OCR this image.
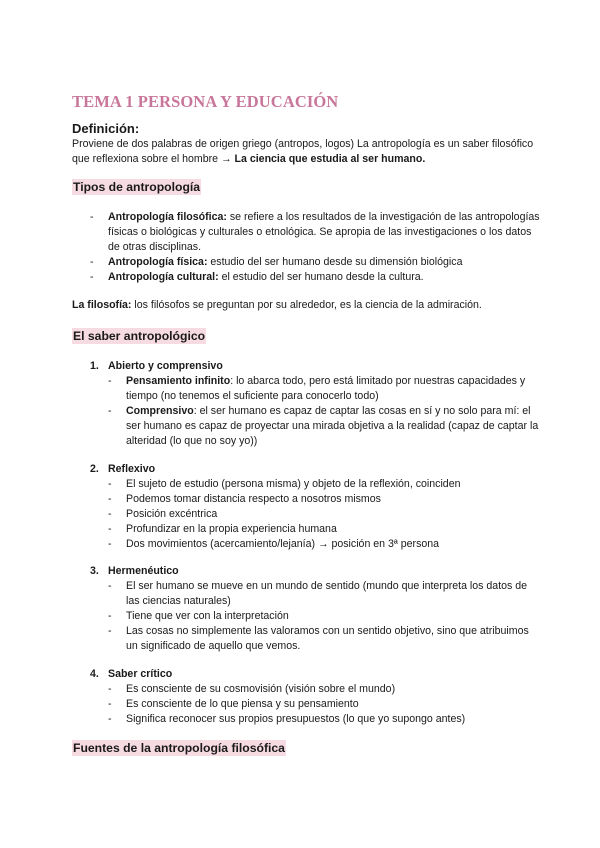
TEMA 1 PERSONA Y EDUCACIÓN
Definición:

Proviene de dos palabras de origen griego (antropos, logos) La antropología es un saber filosófico que reflexiona sobre el hombre → La ciencia que estudia al ser humano.

Tipos de antropología
- Antropología filosófica: se refiere a los resultados de la investigación de las antropologías físicas o biológicas y culturales o etnológica. Se apropia de las investigaciones o los datos de otras disciplinas.
- Antropología física: estudio del ser humano desde su dimensión biológica
- Antropología cultural: el estudio del ser humano desde la cultura.

La filosofía: los filósofos se preguntan por su alrededor, es la ciencia de la admiración.

El saber antropológico
1. Abierto y comprensivo
- Pensamiento infinito: lo abarca todo, pero está limitado por nuestras capacidades y tiempo (no tenemos el suficiente para conocerlo todo)
- Comprensivo: el ser humano es capaz de captar las cosas en sí y no solo para mí: el ser humano es capaz de proyectar una mirada objetiva a la realidad (capaz de captar la alteridad (lo que no soy yo))
2. Reflexivo
- El sujeto de estudio (persona misma) y objeto de la reflexión, coinciden
- Podemos tomar distancia respecto a nosotros mismos
- Posición excéntrica
- Profundizar en la propia experiencia humana
- Dos movimientos (acercamiento/lejanía) → posición en 3ª persona
3. Hermenéutico
- El ser humano se mueve en un mundo de sentido (mundo que interpreta los datos de las ciencias naturales)
- Tiene que ver con la interpretación
- Las cosas no simplemente las valoramos con un sentido objetivo, sino que atribuimos un significado de aquello que vemos.
4. Saber crítico
- Es consciente de su cosmovisión (visión sobre el mundo)
- Es consciente de lo que piensa y su pensamiento
- Significa reconocer sus propios presupuestos (lo que yo supongo antes)
Fuentes de la antropología filosófica
